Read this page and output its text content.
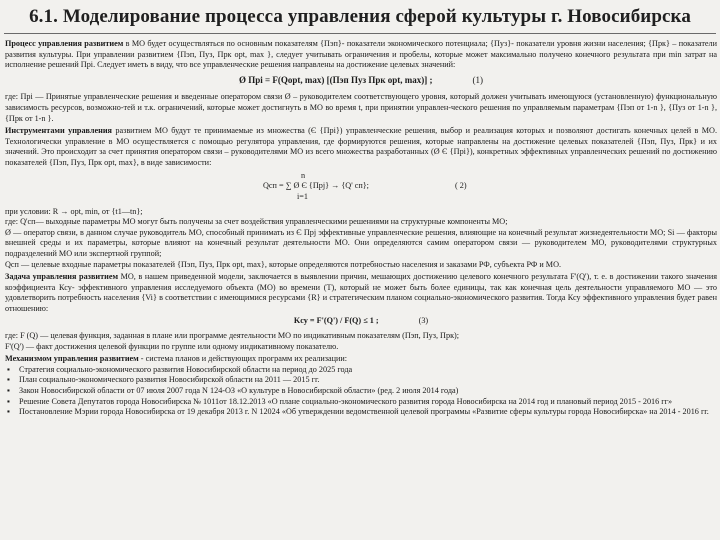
6.1. Моделирование процесса управления сферой культуры г. Новосибирска

Процесс управления развитием в МО будет осуществляться по основным показателям {Пэп}- показатели экономического потенциала; {Пуз}- показатели уровня жизни населения; {Прк} – показатели развития культуры. При управлении развитием {Пэп, Пуз, Прк opt, max }, следует учитывать ограничения и пробелы, которые может максимально получено конечного результата при min затрат на исполнение решений Прi. Следует иметь в виду, что все управленческие решения направлены на достижение целевых значений:

Ø Пpi = F(Qopt, max) [(Пэп Пуз Прк opt, max)] ;	(1)

где: Пpi — Принятые управленческие решения и введенные оператором связи Ø – руководителем соответствующего уровня, который должен учитывать имеющуюся (установленную) функциональную зависимость ресурсов, возможно-тей и т.к. ограничений, которые может достигнуть в МО во время t, при принятии управлен-ческого решения по управляемым параметрам {Пэп от 1-n }, {Пуз от 1-n }, {Прк от 1-n }.

Инструментами управления развитием МО будут те принимаемые из множества (Є {Прi}) управленческие решения, выбор и реализация которых и позволяют достигать конечных целей в МО. Технологически управление в МО осуществляется с помощью регулятора управления, где формируются решения, которые направлены на достижение целевых показателей {Пэп, Пуз, Прк} и их значений. Это происходит за счет принятия оператором связи – руководителями МО из всего множества разработанных (Ø Є {Прi}), конкретных эффективных управленческих решений по достижению показателей {Пэп, Пуз, Прк opt, max}, в виде зависимости:

n
Qcп = ∑ Ø Є {Прj} → {Q' cп};	( 2)
i=1

при условии: R → opt, min, от {t1—tn};

где: Q'cп— выходные параметры МО могут быть получены за счет воздействия управленческими решениями на структурные компоненты МО;

Ø — оператор связи, в данном случае руководитель МО, способный принимать из Є Прj эффективные управленческие решения, влияющие на конечный результат жизнедеятельности МО; Si — факторы внешней среды и их параметры, которые влияют на конечный результат деятельности МО. Они определяются самим оператором связи — руководителем МО, руководителями структурных подразделений МО или экспертной группой;

Qcп — целевые входные параметры показателей {Пэп, Пуз, Прк opt, max}, которые определяются потребностью населения и заказами РФ, субъекта РФ и МО.

Задача управления развитием МО, в нашем приведенной модели, заключается в выявлении причин, мешающих достижению целевого конечного результата F'(Q'), т. е. в достижении такого значения коэффициента Ксу- эффективного управления исследуемого объекта (МО) во времени (Т), который не может быть более единицы, так как конечная цель деятельности управляемого МО — это удовлетворить потребность населения {Vi} в соответствии с имеющимися ресурсами {R} и стратегическим планом социально-экономического развития. Тогда Ксу эффективного управления будет равен отношению:

Kсу = F'(Q') / F(Q) ≤ 1 ;	(3)

где: F (Q) — целевая функция, заданная в плане или программе деятельности МО по индикативным показателям (Пэп, Пуз, Прк);

F'(Q') — факт достижения целевой функции по группе или одному индикативному показателю.

Механизмом управления развитием - система планов и действующих программ их реализации:

▪ Стратегия социально-экономического развития Новосибирской области на период до 2025 года
▪ План социально-экономического развития Новосибирской области на 2011 — 2015 гг.
▪ Закон Новосибирской области от 07 июля 2007 года N 124-ОЗ «О культуре в Новосибирской области» (ред. 2 июля 2014 года)
▪ Решение Совета Депутатов города Новосибирска № 1011от 18.12.2013 «О плане социально-экономического развития города Новосибирска на 2014 год и плановый период 2015 - 2016 гг»
▪ Постановление Мэрии города Новосибирска от 19 декабря 2013 г. N 12024 «Об утверждении ведомственной целевой программы «Развитие сферы культуры города Новосибирска» на 2014 - 2016 гг.
